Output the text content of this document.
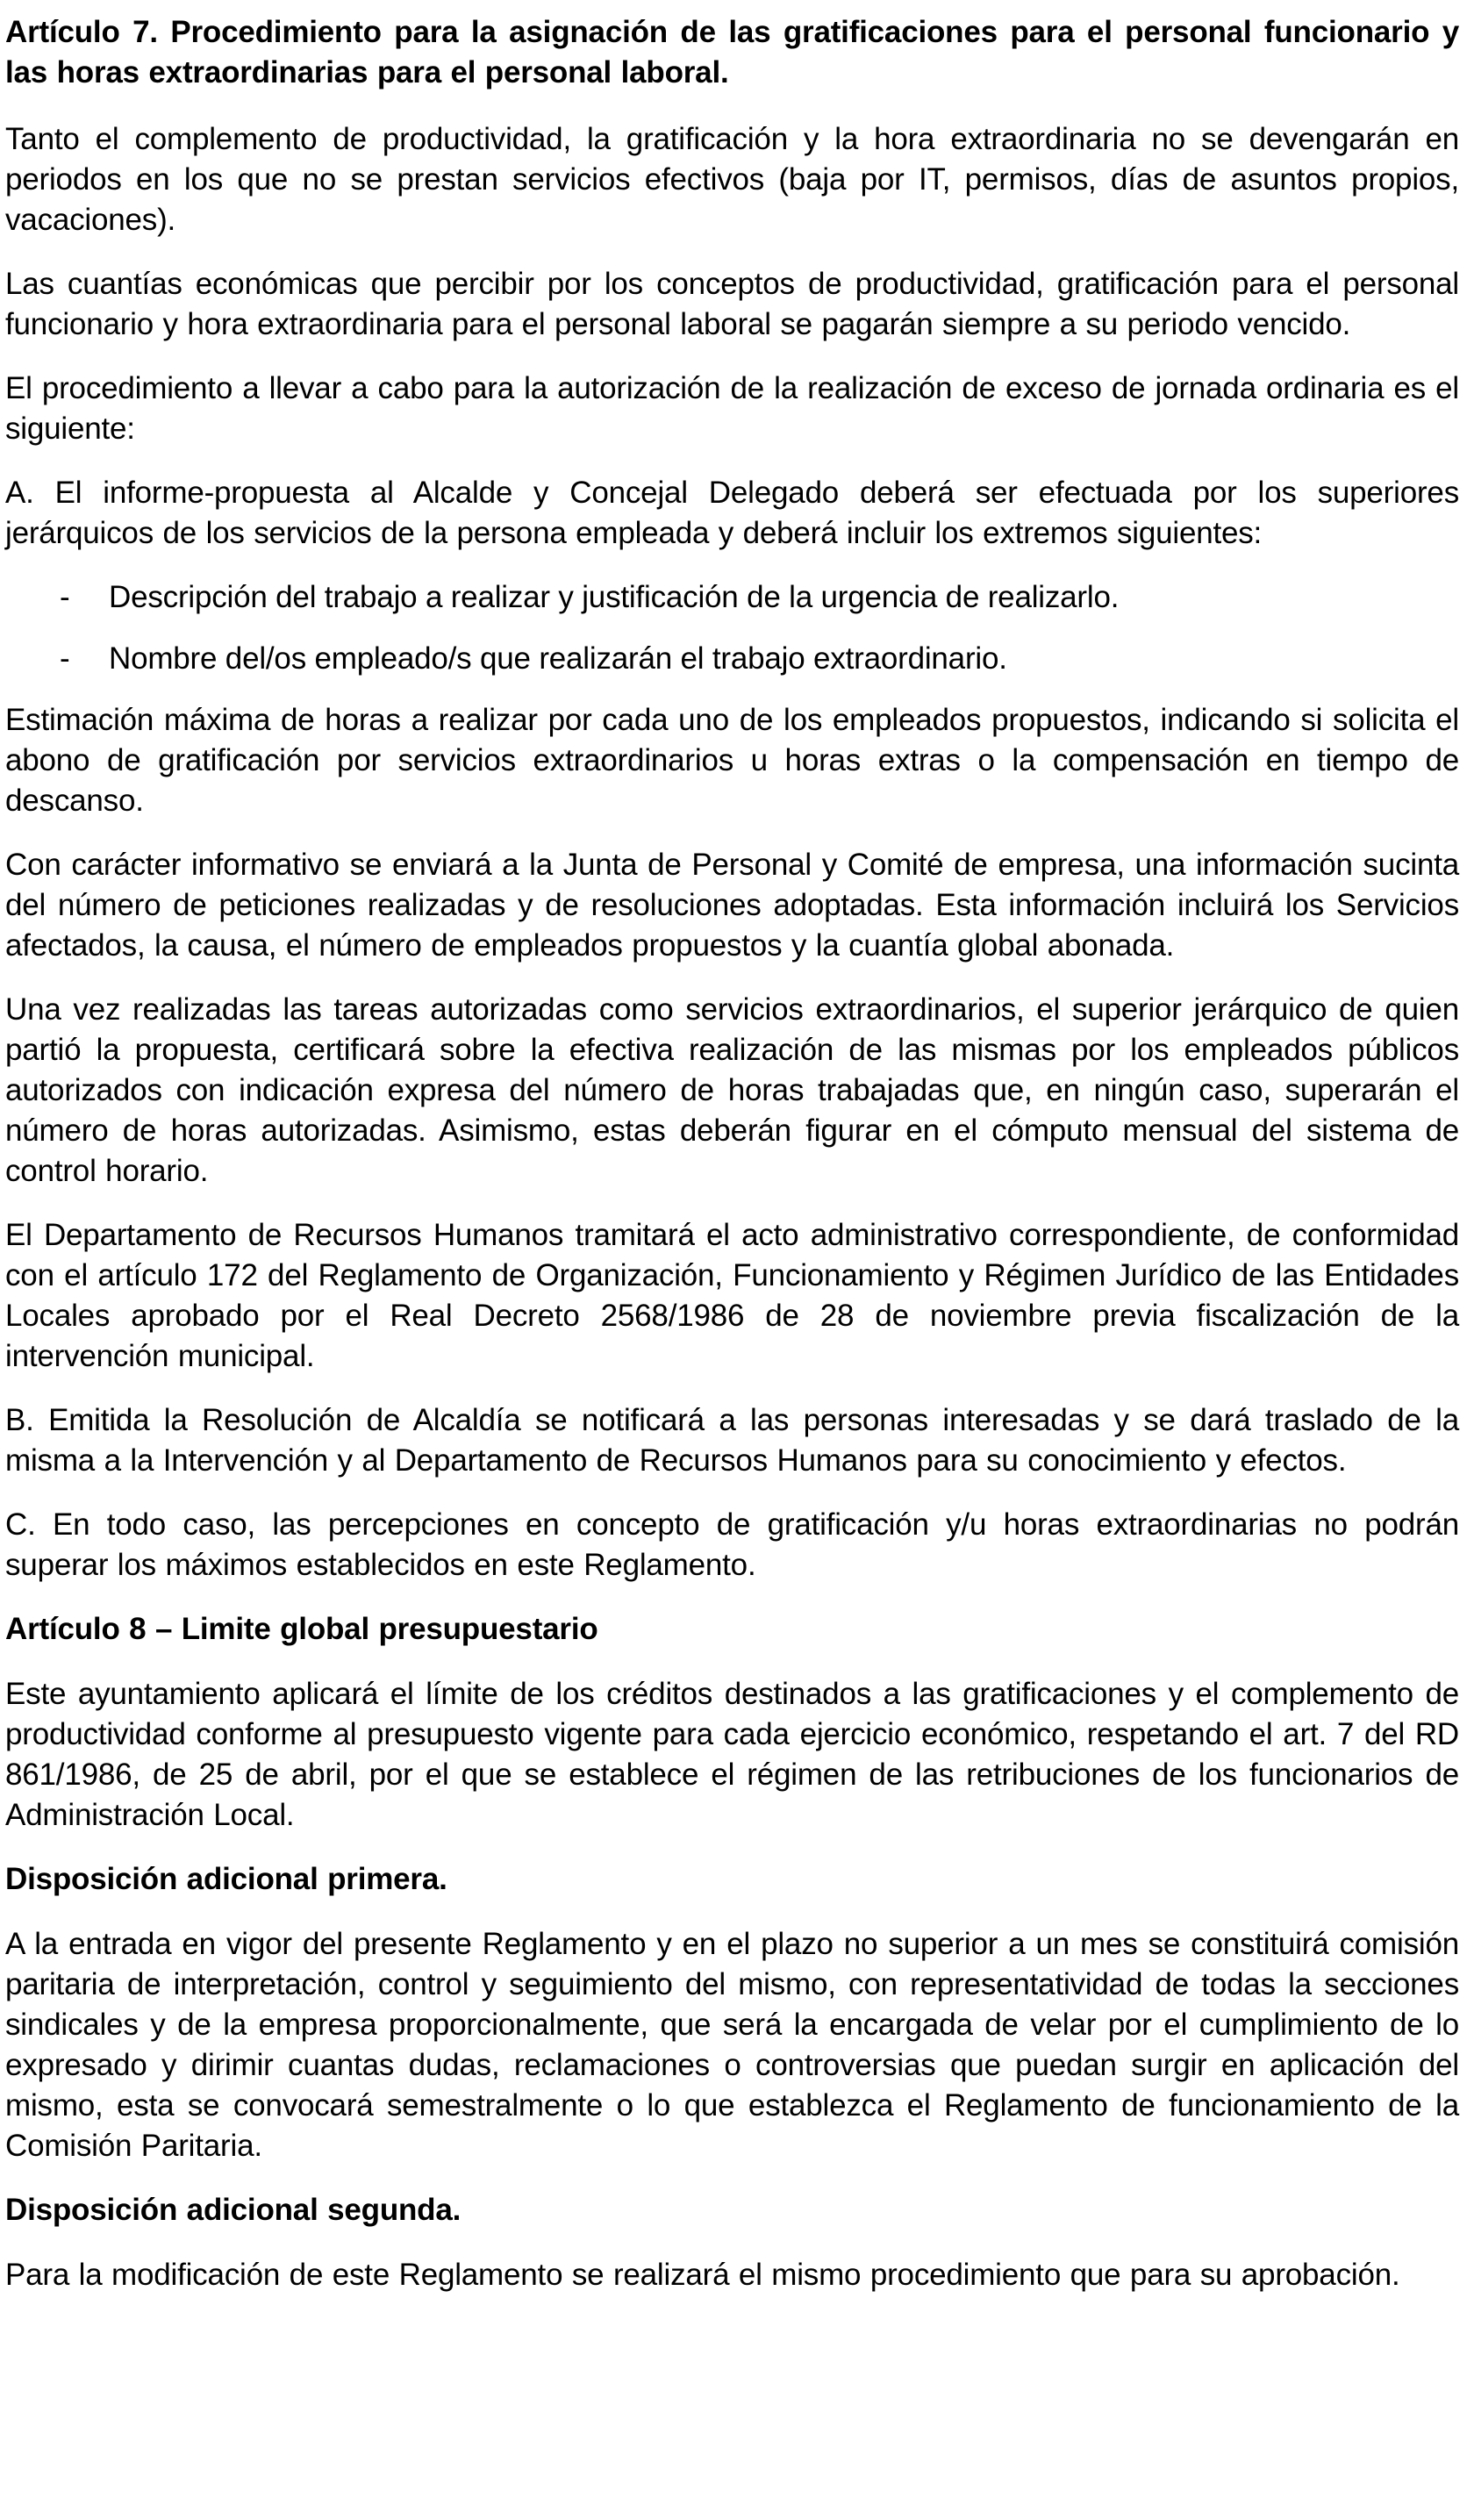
Artículo 7. Procedimiento para la asignación de las gratificaciones para el personal funcionario y las horas extraordinarias para el personal laboral.

Tanto el complemento de productividad, la gratificación y la hora extraordinaria no se devengarán en periodos en los que no se prestan servicios efectivos (baja por IT, permisos, días de asuntos propios, vacaciones).

Las cuantías económicas que percibir por los conceptos de productividad, gratificación para el personal funcionario y hora extraordinaria para el personal laboral se pagarán siempre a su periodo vencido.

El procedimiento a llevar a cabo para la autorización de la realización de exceso de jornada ordinaria es el siguiente:

A. El informe-propuesta al Alcalde y Concejal Delegado deberá ser efectuada por los superiores jerárquicos de los servicios de la persona empleada y deberá incluir los extremos siguientes:

-	Descripción del trabajo a realizar y justificación de la urgencia de realizarlo.
-	Nombre del/os empleado/s que realizarán el trabajo extraordinario.

Estimación máxima de horas a realizar por cada uno de los empleados propuestos, indicando si solicita el abono de gratificación por servicios extraordinarios u horas extras o la compensación en tiempo de descanso.

Con carácter informativo se enviará a la Junta de Personal y Comité de empresa, una información sucinta del número de peticiones realizadas y de resoluciones adoptadas. Esta información incluirá los Servicios afectados, la causa, el número de empleados propuestos y la cuantía global abonada.

Una vez realizadas las tareas autorizadas como servicios extraordinarios, el superior jerárquico de quien partió la propuesta, certificará sobre la efectiva realización de las mismas por los empleados públicos autorizados con indicación expresa del número de horas trabajadas que, en ningún caso, superarán el número de horas autorizadas. Asimismo, estas deberán figurar en el cómputo mensual del sistema de control horario.

El Departamento de Recursos Humanos tramitará el acto administrativo correspondiente, de conformidad con el artículo 172 del Reglamento de Organización, Funcionamiento y Régimen Jurídico de las Entidades Locales aprobado por el Real Decreto 2568/1986 de 28 de noviembre previa fiscalización de la intervención municipal.

B. Emitida la Resolución de Alcaldía se notificará a las personas interesadas y se dará traslado de la misma a la Intervención y al Departamento de Recursos Humanos para su conocimiento y efectos.

C. En todo caso, las percepciones en concepto de gratificación y/u horas extraordinarias no podrán superar los máximos establecidos en este Reglamento.

Artículo 8 – Limite global presupuestario

Este ayuntamiento aplicará el límite de los créditos destinados a las gratificaciones y el complemento de productividad conforme al presupuesto vigente para cada ejercicio económico, respetando el art. 7 del RD 861/1986, de 25 de abril, por el que se establece el régimen de las retribuciones de los funcionarios de Administración Local.

Disposición adicional primera.

A la entrada en vigor del presente Reglamento y en el plazo no superior a un mes se constituirá comisión paritaria de interpretación, control y seguimiento del mismo, con representatividad de todas la secciones sindicales y de la empresa proporcionalmente, que será la encargada de velar por el cumplimiento de lo expresado y dirimir cuantas dudas, reclamaciones o controversias que puedan surgir en aplicación del mismo, esta se convocará semestralmente o lo que establezca el Reglamento de funcionamiento de la Comisión Paritaria.

Disposición adicional segunda.

Para la modificación de este Reglamento se realizará el mismo procedimiento que para su aprobación.
